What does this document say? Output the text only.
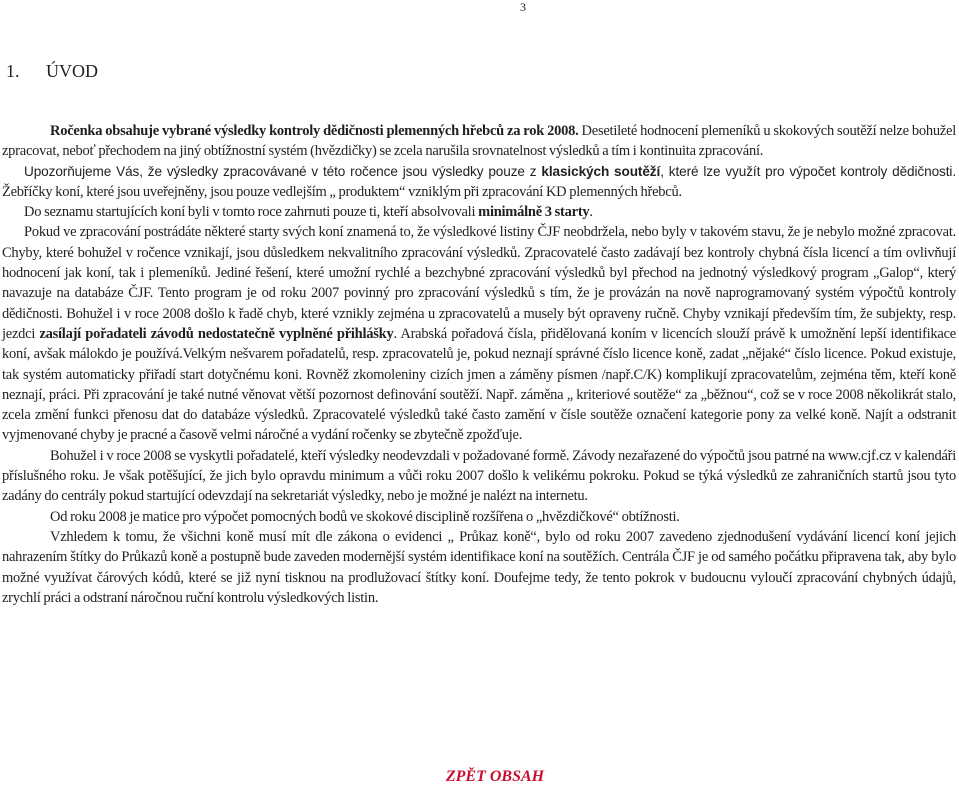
3
1. ÚVOD

Ročenka obsahuje vybrané výsledky kontroly dědičnosti plemenných hřebců za rok 2008. Desetileté hodnocení plemeníků u skokových soutěží nelze bohužel zpracovat, neboť přechodem na jiný obtížnostní systém (hvězdičky) se zcela narušila srovnatelnost výsledků a tím i kontinuita zpracování.

Upozorňujeme Vás, že výsledky zpracovávané v této ročence jsou výsledky pouze z klasických soutěží, které lze využít pro výpočet kontroly dědičnosti. Žebříčky koní, které jsou uveřejněny, jsou pouze vedlejším „ produktem“ vzniklým při zpracování KD plemenných hřebců.

Do seznamu startujících koní byli v tomto roce zahrnuti pouze ti, kteří absolvovali minimálně 3 starty.

Pokud ve zpracování postrádáte některé starty svých koní znamená to, že výsledkové listiny ČJF neobdržela, nebo byly v takovém stavu, že je nebylo možné zpracovat. Chyby, které bohužel v ročence vznikají, jsou důsledkem nekvalitního zpracování výsledků. Zpracovatelé často zadávají bez kontroly chybná čísla licencí a tím ovlivňují hodnocení jak koní, tak i plemeníků. Jediné řešení, které umožní rychlé a bezchybné zpracování výsledků byl přechod na jednotný výsledkový program „Galop“, který navazuje na databáze ČJF. Tento program je od roku 2007 povinný pro zpracování výsledků s tím, že je provázán na nově naprogramovaný systém výpočtů kontroly dědičnosti. Bohužel i v roce 2008 došlo k řadě chyb, které vznikly zejména u zpracovatelů a musely být opraveny ručně. Chyby vznikají především tím, že subjekty, resp. jezdci zasílají pořadateli závodů nedostatečně vyplněné přihlášky. Arabská pořadová čísla, přidělovaná koním v licencích slouží právě k umožnění lepší identifikace koní, avšak málokdo je používá.Velkým nešvarem pořadatelů, resp. zpracovatelů je, pokud neznají správné číslo licence koně, zadat „nějaké“ číslo licence. Pokud existuje, tak systém automaticky přiřadí start dotyčnému koni. Rovněž zkomoleniny cizích jmen a záměny písmen /např.C/K) komplikují zpracovatelům, zejména těm, kteří koně neznají, práci. Při zpracování je také nutné věnovat větší pozornost definování soutěží. Např. záměna „ kriteriové soutěže“ za „běžnou“, což se v roce 2008 několikrát stalo, zcela změní funkci přenosu dat do databáze výsledků. Zpracovatelé výsledků také často zamění v čísle soutěže označení kategorie pony za velké koně. Najít a odstranit vyjmenované chyby je pracné a časově velmi náročné a vydání ročenky se zbytečně zpožďuje.

Bohužel i v roce 2008 se vyskytli pořadatelé, kteří výsledky neodevzdali v požadované formě. Závody nezařazené do výpočtů jsou patrné na www.cjf.cz v kalendáři příslušného roku. Je však potěšující, že jich bylo opravdu minimum a vůči roku 2007 došlo k velikému pokroku. Pokud se týká výsledků ze zahraničních startů jsou tyto zadány do centrály pokud startující odevzdají na sekretariát výsledky, nebo je možné je nalézt na internetu.

Od roku 2008 je matice pro výpočet pomocných bodů ve skokové disciplině rozšířena o „hvězdičkové“ obtížnosti.

Vzhledem k tomu, že všichni koně musí mít dle zákona o evidenci „ Průkaz koně“, bylo od roku 2007 zavedeno zjednodušení vydávání licencí koní jejich nahrazením štítky do Průkazů koně a postupně bude zaveden modernější systém identifikace koní na soutěžích. Centrála ČJF je od samého počátku připravena tak, aby bylo možné využívat čárových kódů, které se již nyní tisknou na prodlužovací štítky koní. Doufejme tedy, že tento pokrok v budoucnu vyloučí zpracování chybných údajů, zrychlí práci a odstraní náročnou ruční kontrolu výsledkových listin.

ZPĚT OBSAH
